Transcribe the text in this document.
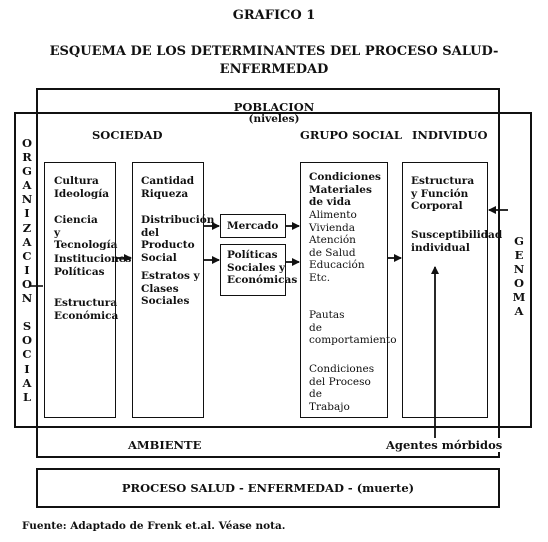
GRAFICO 1
ESQUEMA DE LOS DETERMINANTES DEL PROCESO SALUD-
ENFERMEDAD
POBLACION
(niveles)
SOCIEDAD	GRUPO SOCIAL INDIVIDUO
O
R
G
A
N
I
Z
A
C
I
O
N

S
O
C
I
A
L
G
E
N
O
M
A
Cultura
Ideología
Ciencia
y Tecnología
Instituciones
Políticas
Estructura
Económica
Cantidad
Riqueza
Distribución
del Producto
Social
Estratos y
Clases
Sociales
Mercado
Políticas
Sociales y
Económicas
Condiciones
Materiales
de vida
Alimento
Vivienda
Atención
de Salud
Educación
Etc.
Pautas
de
comportamiento
Condiciones
del Proceso de
Trabajo
Estructura
y Función
Corporal
Susceptibilidad
individual
AMBIENTE	Agentes mórbidos
PROCESO SALUD - ENFERMEDAD - (muerte)
Fuente: Adaptado de Frenk et.al. Véase nota.
